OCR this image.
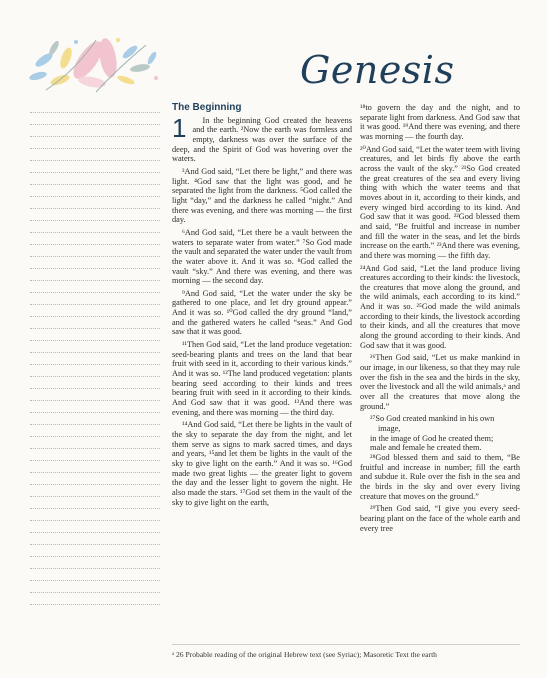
Genesis
The Beginning
1	In the beginning God created the heavens and the earth. ²Now the earth was formless and empty, darkness was over the surface of the deep, and the Spirit of God was hovering over the waters.

³And God said, “Let there be light,” and there was light. ⁴God saw that the light was good, and he separated the light from the darkness. ⁵God called the light “day,” and the darkness he called “night.” And there was evening, and there was morning — the first day.

⁶And God said, “Let there be a vault between the waters to separate water from water.” ⁷So God made the vault and separated the water under the vault from the water above it. And it was so. ⁸God called the vault “sky.” And there was evening, and there was morning — the second day.

⁹And God said, “Let the water under the sky be gathered to one place, and let dry ground appear.” And it was so. ¹⁰God called the dry ground “land,” and the gathered waters he called “seas.” And God saw that it was good.

¹¹Then God said, “Let the land produce vegetation: seed-bearing plants and trees on the land that bear fruit with seed in it, according to their various kinds.” And it was so. ¹²The land produced vegetation: plants bearing seed according to their kinds and trees bearing fruit with seed in it according to their kinds. And God saw that it was good. ¹³And there was evening, and there was morning — the third day.

¹⁴And God said, “Let there be lights in the vault of the sky to separate the day from the night, and let them serve as signs to mark sacred times, and days and years, ¹⁵and let them be lights in the vault of the sky to give light on the earth.” And it was so. ¹⁶God made two great lights — the greater light to govern the day and the lesser light to govern the night. He also made the stars. ¹⁷God set them in the vault of the sky to give light on the earth,

¹⁸to govern the day and the night, and to separate light from darkness. And God saw that it was good. ¹⁹And there was evening, and there was morning — the fourth day.

²⁰And God said, “Let the water teem with living creatures, and let birds fly above the earth across the vault of the sky.” ²¹So God created the great creatures of the sea and every living thing with which the water teems and that moves about in it, according to their kinds, and every winged bird according to its kind. And God saw that it was good. ²²God blessed them and said, “Be fruitful and increase in number and fill the water in the seas, and let the birds increase on the earth.” ²³And there was evening, and there was morning — the fifth day.

²⁴And God said, “Let the land produce living creatures according to their kinds: the livestock, the creatures that move along the ground, and the wild animals, each according to its kind.” And it was so. ²⁵God made the wild animals according to their kinds, the livestock according to their kinds, and all the creatures that move along the ground according to their kinds. And God saw that it was good.

²⁶Then God said, “Let us make mankind in our image, in our likeness, so that they may rule over the fish in the sea and the birds in the sky, over the livestock and all the wild animals,ᵃ and over all the creatures that move along the ground.”

²⁷So God created mankind in his own
image,
in the image of God he created them;
male and female he created them.

²⁸God blessed them and said to them, “Be fruitful and increase in number; fill the earth and subdue it. Rule over the fish in the sea and the birds in the sky and over every living creature that moves on the ground.”

²⁹Then God said, “I give you every seed-bearing plant on the face of the whole earth and every tree

ᵃ 26 Probable reading of the original Hebrew text (see Syriac); Masoretic Text the earth
